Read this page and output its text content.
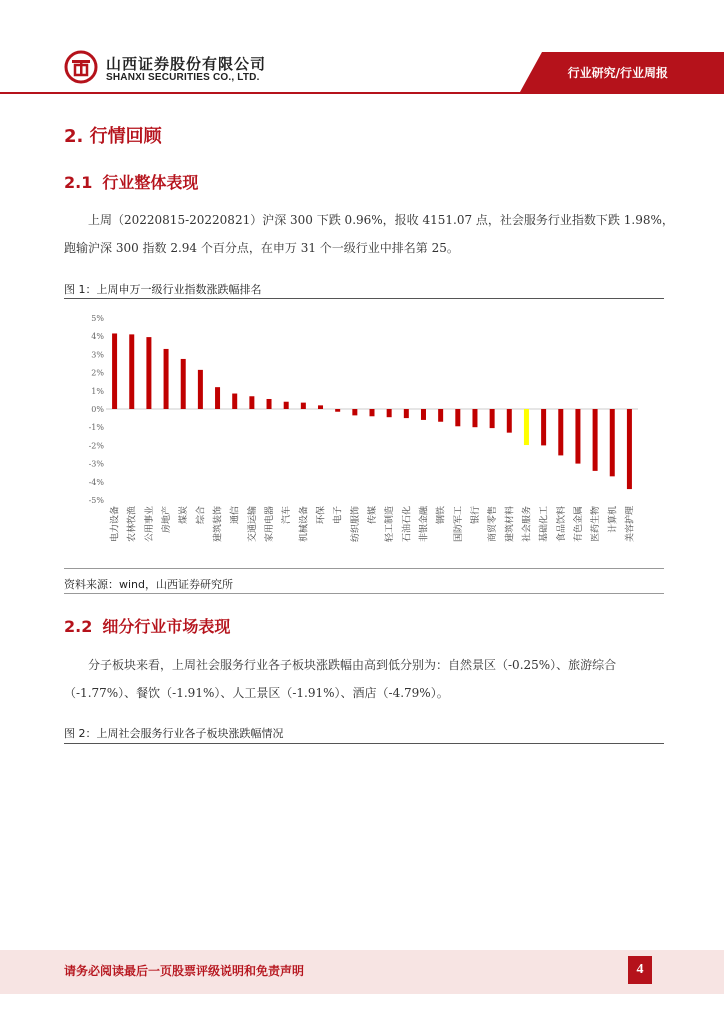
山西证券股份有限公司
SHANXI SECURITIES CO., LTD.	行业研究/行业周报
2. 行情回顾
2.1 行业整体表现
上周（20220815-20220821）沪深 300 下跌 0.96%，报收 4151.07 点，社会服务行业指数下跌 1.98%，
跑输沪深 300 指数 2.94 个百分点，在申万 31 个一级行业中排名第 25。
图 1：上周申万一级行业指数涨跌幅排名
5%
4%
3%
2%
1%
0%
-1%
-2%
-3%
-4%
-5%
电力设备 农林牧渔 公用事业 房地产 煤炭 综合 建筑装饰 通信 交通运输 家用电器 汽车 机械设备 环保 电子 纺织服饰 传媒 轻工制造 石油石化 非银金融 钢铁 国防军工 银行 商贸零售 建筑材料 社会服务 基础化工 食品饮料 有色金属 医药生物 计算机 美容护理
资料来源：wind，山西证券研究所
2.2 细分行业市场表现
分子板块来看，上周社会服务行业各子板块涨跌幅由高到低分别为：自然景区（-0.25%）、旅游综合
（-1.77%）、餐饮（-1.91%）、人工景区（-1.91%）、酒店（-4.79%）。
图 2：上周社会服务行业各子板块涨跌幅情况
请务必阅读最后一页股票评级说明和免责声明	4
